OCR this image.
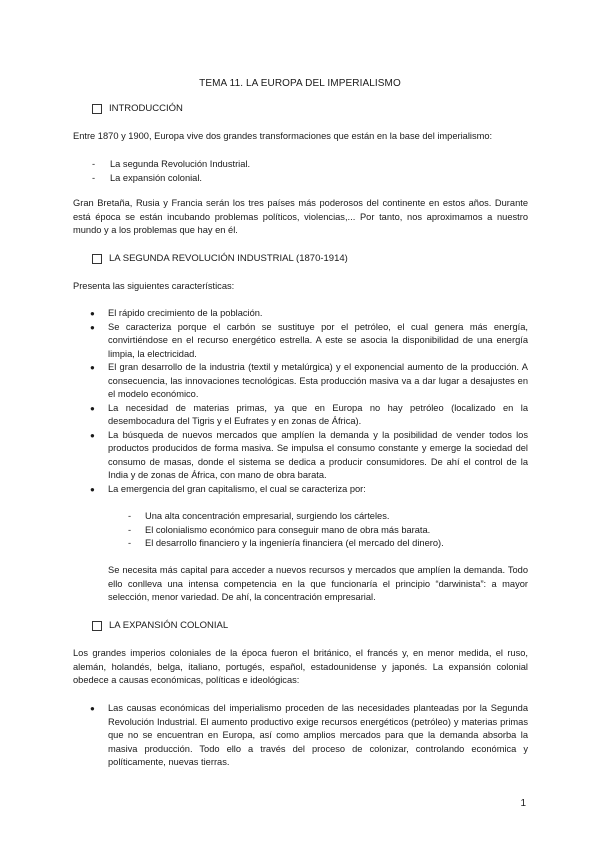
TEMA 11. LA EUROPA DEL IMPERIALISMO
INTRODUCCIÓN
Entre 1870 y 1900, Europa vive dos grandes transformaciones que están en la base del imperialismo:
-	La segunda Revolución Industrial.
-	La expansión colonial.
Gran Bretaña, Rusia y Francia serán los tres países más poderosos del continente en estos años. Durante está época se están incubando problemas políticos, violencias,... Por tanto, nos aproximamos a nuestro mundo y a los problemas que hay en él.
LA SEGUNDA REVOLUCIÓN INDUSTRIAL (1870-1914)
Presenta las siguientes características:
●	El rápido crecimiento de la población.
●	Se caracteriza porque el carbón se sustituye por el petróleo, el cual genera más energía, convirtiéndose en el recurso energético estrella. A este se asocia la disponibilidad de una energía limpia, la electricidad.
●	El gran desarrollo de la industria (textil y metalúrgica) y el exponencial aumento de la producción. A consecuencia, las innovaciones tecnológicas. Esta producción masiva va a dar lugar a desajustes en el modelo económico.
●	La necesidad de materias primas, ya que en Europa no hay petróleo (localizado en la desembocadura del Tigris y el Eufrates y en zonas de África).
●	La búsqueda de nuevos mercados que amplíen la demanda y la posibilidad de vender todos los productos producidos de forma masiva. Se impulsa el consumo constante y emerge la sociedad del consumo de masas, donde el sistema se dedica a producir consumidores. De ahí el control de la India y de zonas de África, con mano de obra barata.
●	La emergencia del gran capitalismo, el cual se caracteriza por:
-	Una alta concentración empresarial, surgiendo los cárteles.
-	El colonialismo económico para conseguir mano de obra más barata.
-	El desarrollo financiero y la ingeniería financiera (el mercado del dinero).
Se necesita más capital para acceder a nuevos recursos y mercados que amplíen la demanda. Todo ello conlleva una intensa competencia en la que funcionaría el principio “darwinista”: a mayor selección, menor variedad. De ahí, la concentración empresarial.
LA EXPANSIÓN COLONIAL
Los grandes imperios coloniales de la época fueron el británico, el francés y, en menor medida, el ruso, alemán, holandés, belga, italiano, portugés, español, estadounidense y japonés. La expansión colonial obedece a causas económicas, políticas e ideológicas:
●	Las causas económicas del imperialismo proceden de las necesidades planteadas por la Segunda Revolución Industrial. El aumento productivo exige recursos energéticos (petróleo) y materias primas que no se encuentran en Europa, así como amplios mercados para que la demanda absorba la masiva producción. Todo ello a través del proceso de colonizar, controlando económica y políticamente, nuevas tierras.
1
